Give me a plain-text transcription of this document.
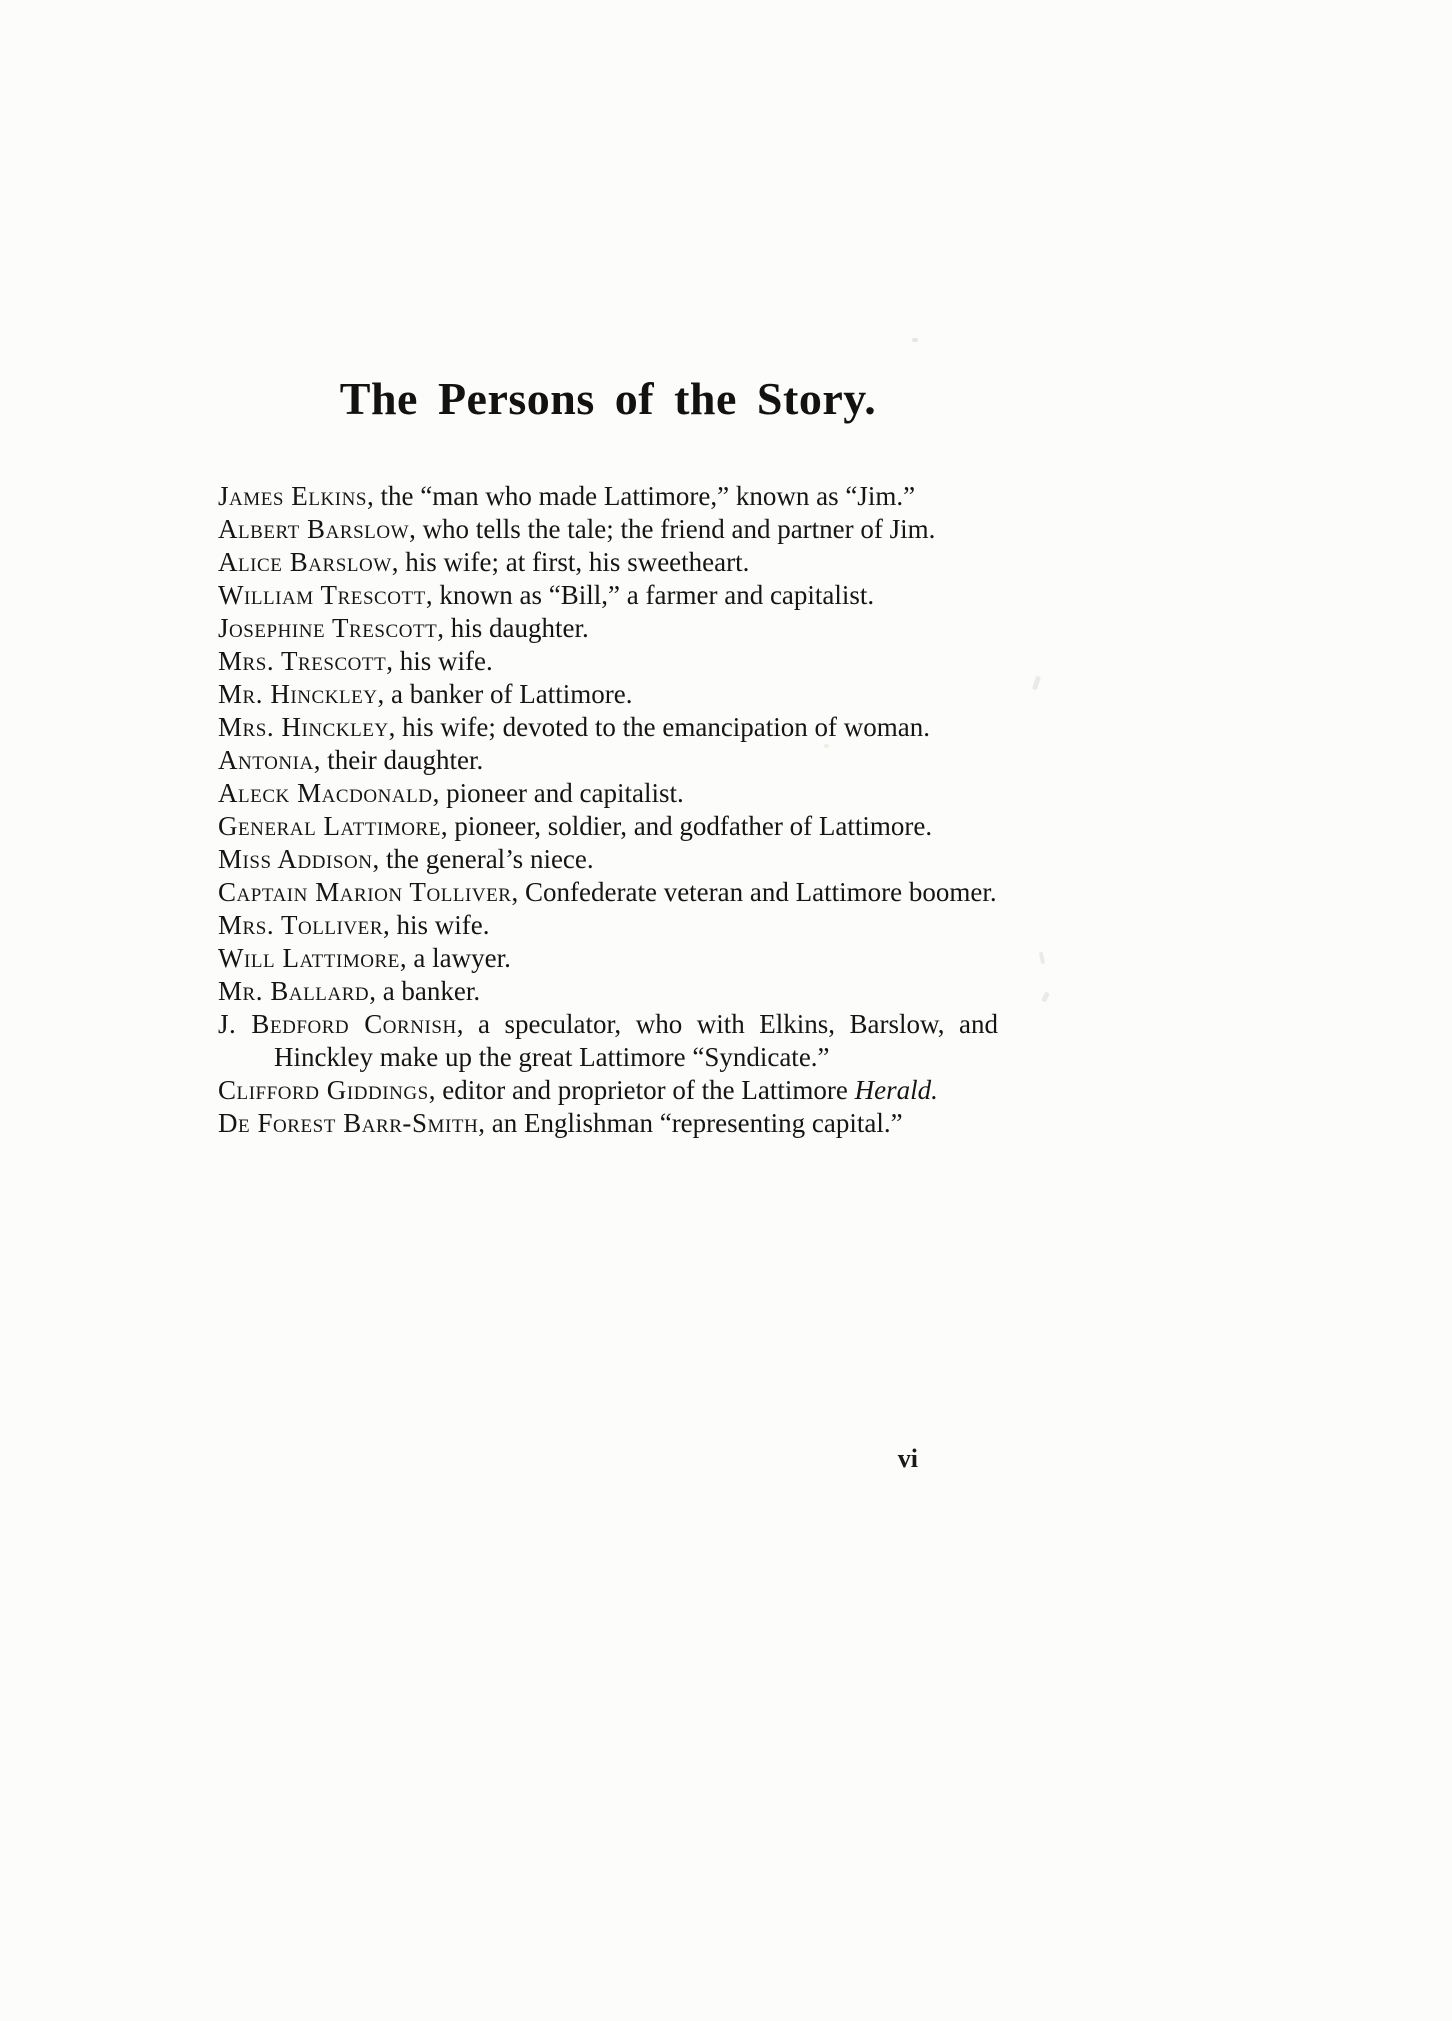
The Persons of the Story.

James Elkins, the “man who made Lattimore,” known as “Jim.”

Albert Barslow, who tells the tale; the friend and partner of Jim.

Alice Barslow, his wife; at first, his sweetheart.

William Trescott, known as “Bill,” a farmer and capitalist.

Josephine Trescott, his daughter.

Mrs. Trescott, his wife.

Mr. Hinckley, a banker of Lattimore.

Mrs. Hinckley, his wife; devoted to the emancipation of woman.

Antonia, their daughter.

Aleck Macdonald, pioneer and capitalist.

General Lattimore, pioneer, soldier, and godfather of Lattimore.

Miss Addison, the general’s niece.

Captain Marion Tolliver, Confederate veteran and Lattimore boomer.

Mrs. Tolliver, his wife.

Will Lattimore, a lawyer.

Mr. Ballard, a banker.

J. Bedford Cornish, a speculator, who with Elkins, Barslow, and Hinckley make up the great Lattimore “Syndicate.”

Clifford Giddings, editor and proprietor of the Lattimore Herald.

De Forest Barr-Smith, an Englishman “representing capital.”

vi
